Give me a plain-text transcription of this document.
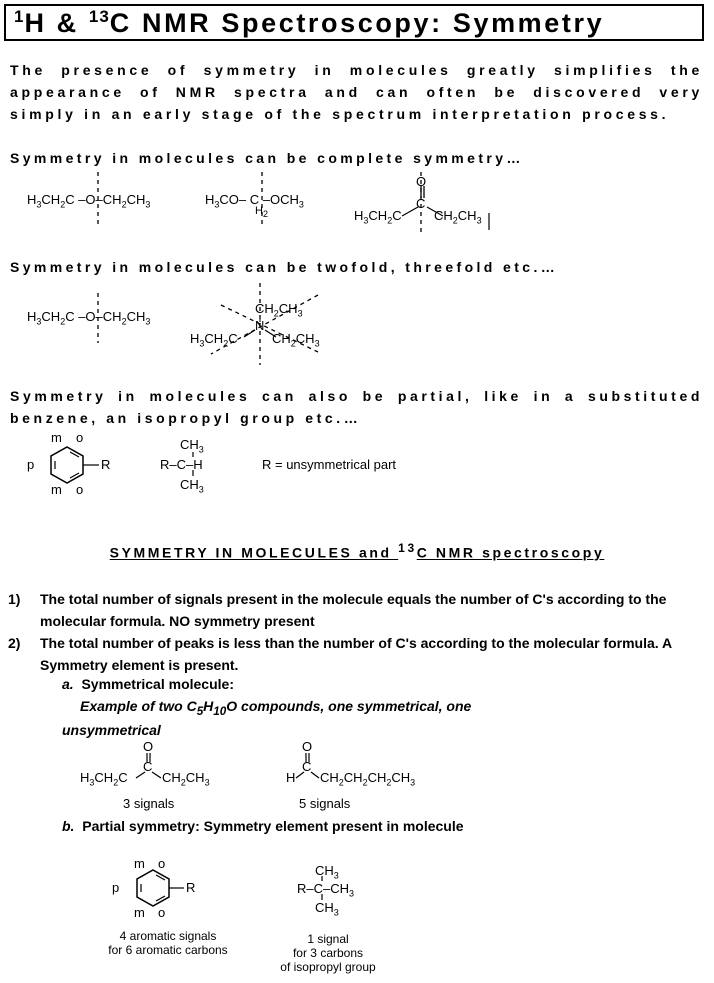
$^1$H & $^{13}$C NMR Spectroscopy: Symmetry
The presence of symmetry in molecules greatly simplifies the appearance of NMR spectra and can often be discovered very simply in an early stage of the spectrum interpretation process.
Symmetry in molecules can be complete symmetry…
$H_3CH_2C$ $-O-CH_2CH_3$	$H_3CO-$ C $-OCH_3$
$H_2$
O
C
$H_3CH_2C$ $CH_2CH_3$
Symmetry in molecules can be twofold, threefold etc.…
$H_3CH_2C$ $-O-CH_2CH_3$
$CH_2CH_3$
N
$H_3CH_2C$	$CH_2CH_3$
Symmetry in molecules can also be partial, like in a substituted benzene, an isopropyl group etc.…
m o
p	R
m o
$CH_3$
R–C–H
$CH_3$
R = unsymmetrical part
SYMMETRY IN MOLECULES and $^{13}$C NMR spectroscopy
1) The total number of signals present in the molecule equals the number of C's according to the molecular formula. NO symmetry present
2) The total number of peaks is less than the number of C's according to the molecular formula. A Symmetry element is present.
a. Symmetrical molecule:
Example of two $C_5H_{10}O$ compounds, one symmetrical, one
unsymmetrical
O
C
$H_3CH_2C$	$CH_2CH_3$
3 signals
O
C
H $CH_2CH_2CH_2CH_3$
5 signals
b. Partial symmetry: Symmetry element present in molecule
m o
p	R
m o
4 aromatic signals
for 6 aromatic carbons
$CH_3$
$R-C-CH_3$
$CH_3$
1 signal
for 3 carbons
of isopropyl group
